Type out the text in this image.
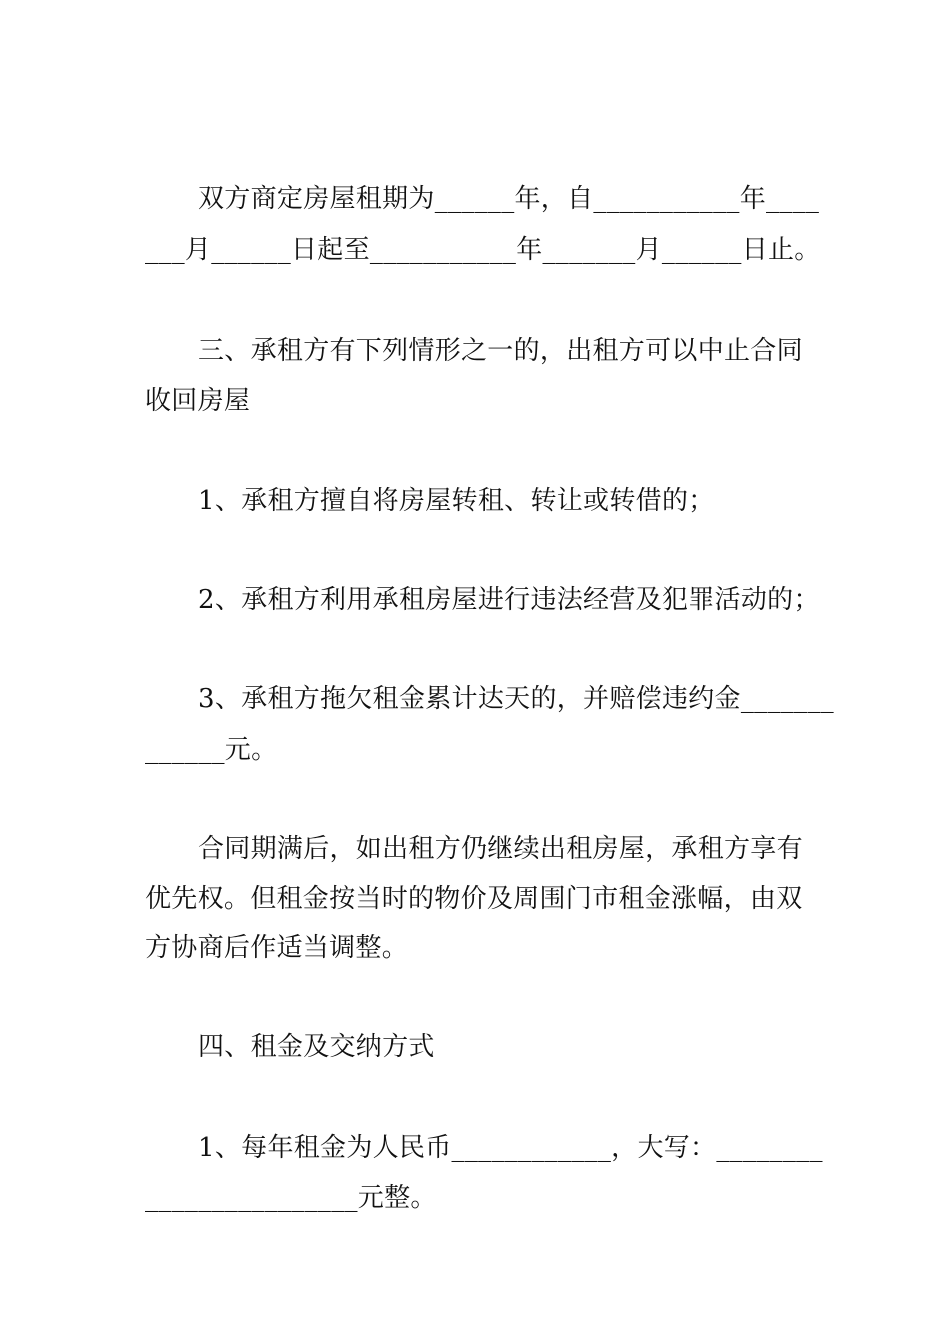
双方商定房屋租期为______年，自___________年____
___月______日起至___________年_______月______日止。
三、承租方有下列情形之一的，出租方可以中止合同
收回房屋
1、承租方擅自将房屋转租、转让或转借的；
2、承租方利用承租房屋进行违法经营及犯罪活动的；
3、承租方拖欠租金累计达天的，并赔偿违约金_______
______元。
合同期满后，如出租方仍继续出租房屋，承租方享有
优先权。但租金按当时的物价及周围门市租金涨幅，由双
方协商后作适当调整。
四、租金及交纳方式
1、每年租金为人民币____________，大写：________
________________元整。
